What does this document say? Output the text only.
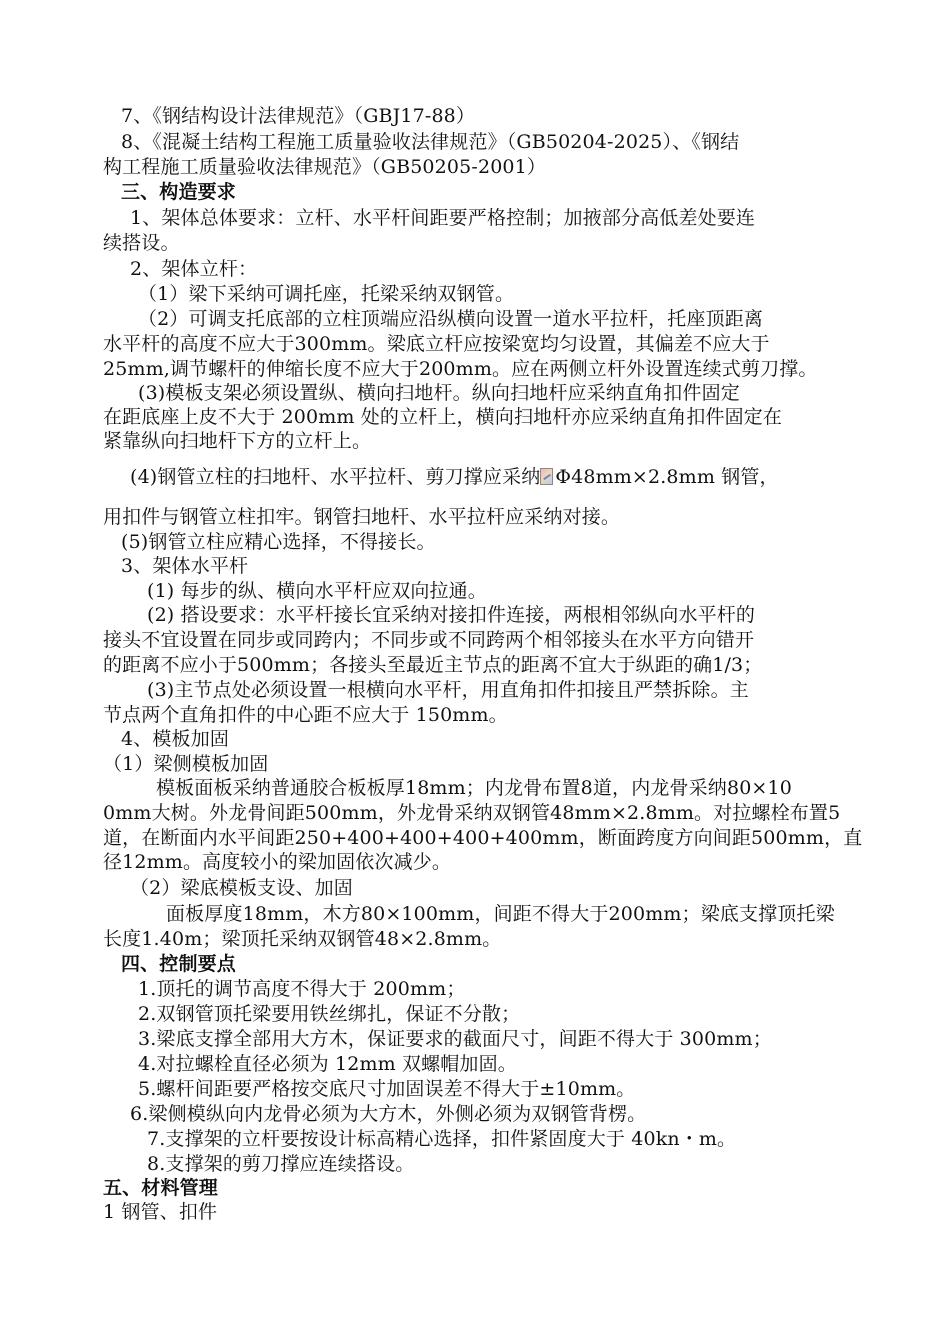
7、《钢结构设计法律规范》（GBJ17-88）
8、《混凝土结构工程施工质量验收法律规范》（GB50204-2025）、《钢结
构工程施工质量验收法律规范》（GB50205-2001）
三、构造要求
1、架体总体要求：立杆、水平杆间距要严格控制；加掖部分高低差处要连
续搭设。
2、架体立杆：
（1）梁下采纳可调托座，托梁采纳双钢管。
（2）可调支托底部的立柱顶端应沿纵横向设置一道水平拉杆，托座顶距离
水平杆的高度不应大于300mm。梁底立杆应按梁宽均匀设置，其偏差不应大于
25mm,调节螺杆的伸缩长度不应大于200mm。应在两侧立杆外设置连续式剪刀撑。
(3)模板支架必须设置纵、横向扫地杆。纵向扫地杆应采纳直角扣件固定
在距底座上皮不大于 200mm 处的立杆上，横向扫地杆亦应采纳直角扣件固定在
紧靠纵向扫地杆下方的立杆上。
(4)钢管立柱的扫地杆、水平拉杆、剪刀撑应采纳 Φ48mm×2.8mm 钢管，
用扣件与钢管立柱扣牢。钢管扫地杆、水平拉杆应采纳对接。
(5)钢管立柱应精心选择，不得接长。
3、架体水平杆
(1) 每步的纵、横向水平杆应双向拉通。
(2) 搭设要求：水平杆接长宜采纳对接扣件连接，两根相邻纵向水平杆的
接头不宜设置在同步或同跨内；不同步或不同跨两个相邻接头在水平方向错开
的距离不应小于500mm；各接头至最近主节点的距离不宜大于纵距的确1/3；
(3)主节点处必须设置一根横向水平杆，用直角扣件扣接且严禁拆除。主
节点两个直角扣件的中心距不应大于 150mm。
4、模板加固
（1）梁侧模板加固
模板面板采纳普通胶合板板厚18mm；内龙骨布置8道，内龙骨采纳80×10
0mm大树。外龙骨间距500mm，外龙骨采纳双钢管48mm×2.8mm。对拉螺栓布置5
道，在断面内水平间距250+400+400+400+400mm，断面跨度方向间距500mm，直
径12mm。高度较小的梁加固依次减少。
（2）梁底模板支设、加固
面板厚度18mm，木方80×100mm，间距不得大于200mm；梁底支撑顶托梁
长度1.40m；梁顶托采纳双钢管48×2.8mm。
四、控制要点
1.顶托的调节高度不得大于 200mm；
2.双钢管顶托梁要用铁丝绑扎，保证不分散；
3.梁底支撑全部用大方木，保证要求的截面尺寸，间距不得大于 300mm；
4.对拉螺栓直径必须为 12mm 双螺帽加固。
5.螺杆间距要严格按交底尺寸加固误差不得大于±10mm。
6.梁侧模纵向内龙骨必须为大方木，外侧必须为双钢管背楞。
7.支撑架的立杆要按设计标高精心选择，扣件紧固度大于 40kn・m。
8.支撑架的剪刀撑应连续搭设。
五、材料管理
1 钢管、扣件
